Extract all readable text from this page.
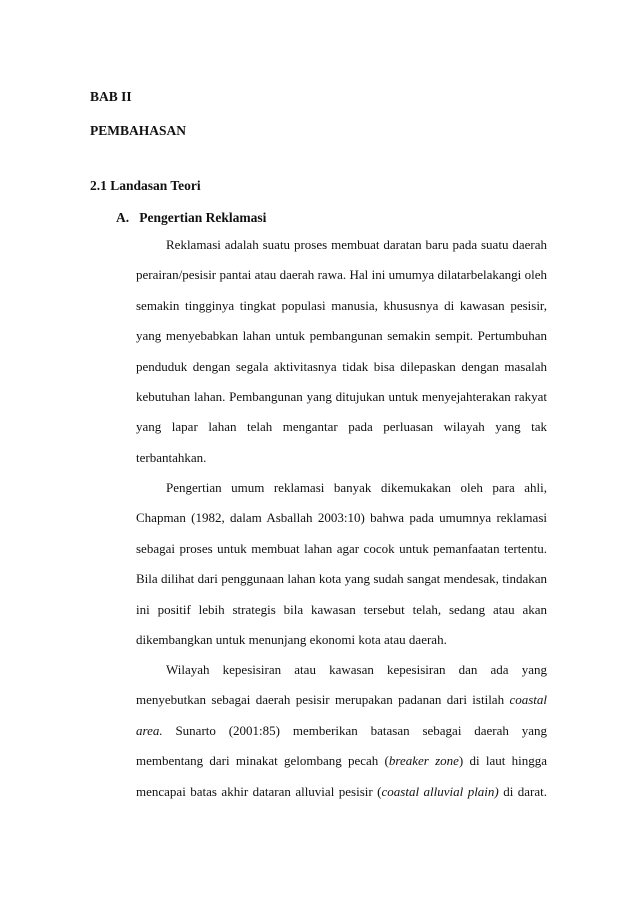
BAB II
PEMBAHASAN
2.1 Landasan Teori
A.   Pengertian Reklamasi
Reklamasi adalah suatu proses membuat daratan baru pada suatu daerah
perairan/pesisir pantai atau daerah rawa. Hal ini umumya dilatarbelakangi oleh
semakin tingginya tingkat populasi manusia, khususnya di kawasan pesisir,
yang menyebabkan lahan untuk pembangunan semakin sempit. Pertumbuhan
penduduk dengan segala aktivitasnya tidak bisa dilepaskan dengan masalah
kebutuhan lahan. Pembangunan yang ditujukan untuk menyejahterakan rakyat
yang lapar lahan telah mengantar pada perluasan wilayah yang tak
terbantahkan.
Pengertian umum reklamasi banyak dikemukakan oleh para ahli,
Chapman (1982, dalam Asballah 2003:10) bahwa pada umumnya reklamasi
sebagai proses untuk membuat lahan agar cocok untuk pemanfaatan tertentu.
Bila dilihat dari penggunaan lahan kota yang sudah sangat mendesak, tindakan
ini positif lebih strategis bila kawasan tersebut telah, sedang atau akan
dikembangkan untuk menunjang ekonomi kota atau daerah.
Wilayah kepesisiran atau kawasan kepesisiran dan ada yang
menyebutkan sebagai daerah pesisir merupakan padanan dari istilah coastal
area. Sunarto (2001:85) memberikan batasan sebagai daerah yang
membentang dari minakat gelombang pecah (breaker zone) di laut hingga
mencapai batas akhir dataran alluvial pesisir (coastal alluvial plain) di darat.
